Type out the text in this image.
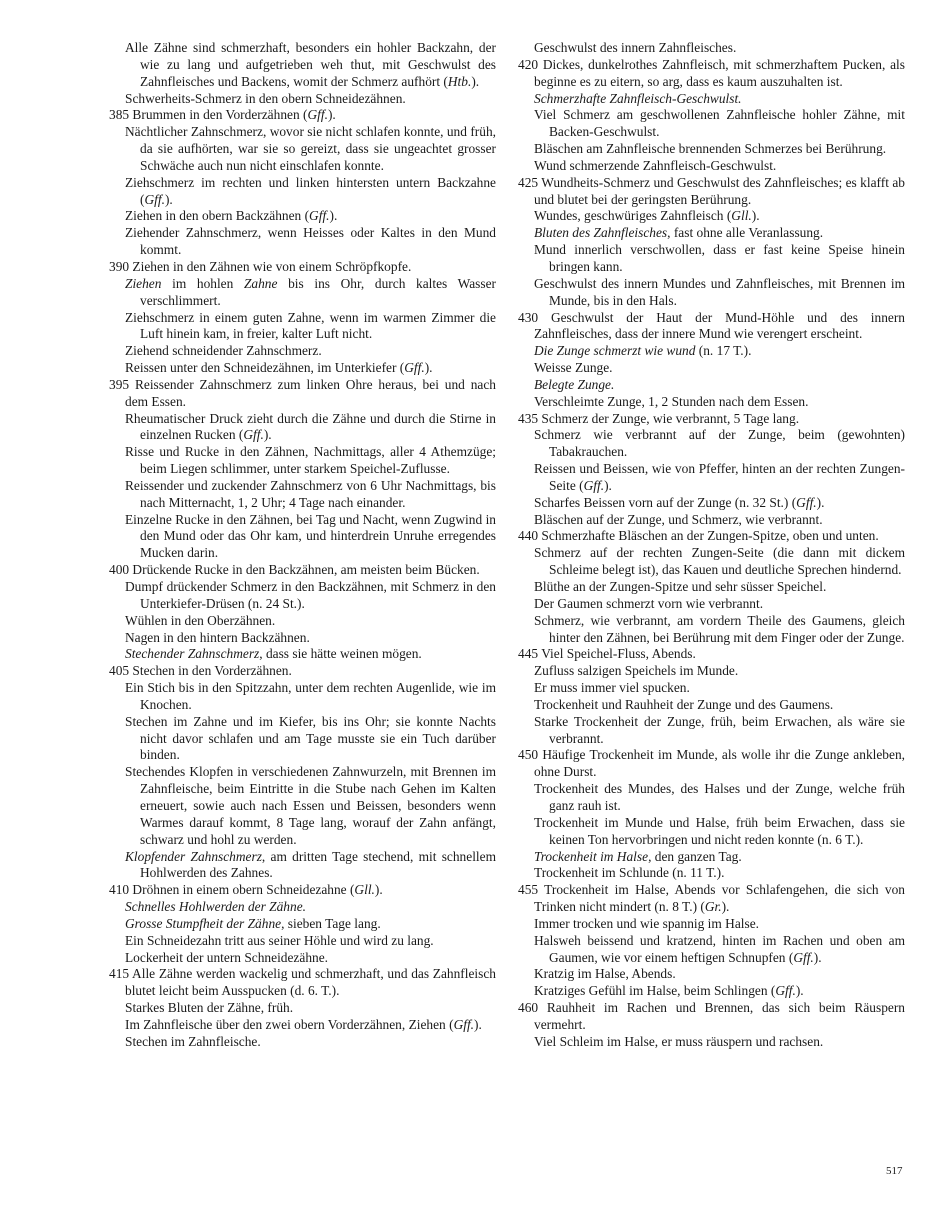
Alle Zähne sind schmerzhaft, besonders ein hohler Backzahn, der wie zu lang und aufgetrieben weh thut, mit Geschwulst des Zahnfleisches und Backens, womit der Schmerz aufhört (Htb.).
Schwerheits-Schmerz in den obern Schneidezähnen.
385 Brummen in den Vorderzähnen (Gff.).
Nächtlicher Zahnschmerz, wovor sie nicht schlafen konnte, und früh, da sie aufhörten, war sie so gereizt, dass sie ungeachtet grosser Schwäche auch nun nicht einschlafen konnte.
Ziehschmerz im rechten und linken hintersten untern Backzahne (Gff.).
Ziehen in den obern Backzähnen (Gff.).
Ziehender Zahnschmerz, wenn Heisses oder Kaltes in den Mund kommt.
390 Ziehen in den Zähnen wie von einem Schröpfkopfe.
Ziehen im hohlen Zahne bis ins Ohr, durch kaltes Wasser verschlimmert.
Ziehschmerz in einem guten Zahne, wenn im warmen Zimmer die Luft hinein kam, in freier, kalter Luft nicht.
Ziehend schneidender Zahnschmerz.
Reissen unter den Schneidezähnen, im Unterkiefer (Gff.).
395 Reissender Zahnschmerz zum linken Ohre heraus, bei und nach dem Essen.
Rheumatischer Druck zieht durch die Zähne und durch die Stirne in einzelnen Rucken (Gff.).
Risse und Rucke in den Zähnen, Nachmittags, aller 4 Athemzüge; beim Liegen schlimmer, unter starkem Speichel-Zuflusse.
Reissender und zuckender Zahnschmerz von 6 Uhr Nachmittags, bis nach Mitternacht, 1, 2 Uhr; 4 Tage nach einander.
Einzelne Rucke in den Zähnen, bei Tag und Nacht, wenn Zugwind in den Mund oder das Ohr kam, und hinterdrein Unruhe erregendes Mucken darin.
400 Drückende Rucke in den Backzähnen, am meisten beim Bücken.
Dumpf drückender Schmerz in den Backzähnen, mit Schmerz in den Unterkiefer-Drüsen (n. 24 St.).
Wühlen in den Oberzähnen.
Nagen in den hintern Backzähnen.
Stechender Zahnschmerz, dass sie hätte weinen mögen.
405 Stechen in den Vorderzähnen.
Ein Stich bis in den Spitzzahn, unter dem rechten Augenlide, wie im Knochen.
Stechen im Zahne und im Kiefer, bis ins Ohr; sie konnte Nachts nicht davor schlafen und am Tage musste sie ein Tuch darüber binden.
Stechendes Klopfen in verschiedenen Zahnwurzeln, mit Brennen im Zahnfleische, beim Eintritte in die Stube nach Gehen im Kalten erneuert, sowie auch nach Essen und Beissen, besonders wenn Warmes darauf kommt, 8 Tage lang, worauf der Zahn anfängt, schwarz und hohl zu werden.
Klopfender Zahnschmerz, am dritten Tage stechend, mit schnellem Hohlwerden des Zahnes.
410 Dröhnen in einem obern Schneidezahne (Gll.).
Schnelles Hohlwerden der Zähne.
Grosse Stumpfheit der Zähne, sieben Tage lang.
Ein Schneidezahn tritt aus seiner Höhle und wird zu lang.
Lockerheit der untern Schneidezähne.
415 Alle Zähne werden wackelig und schmerzhaft, und das Zahnfleisch blutet leicht beim Ausspucken (d. 6. T.).
Starkes Bluten der Zähne, früh.
Im Zahnfleische über den zwei obern Vorderzähnen, Ziehen (Gff.).
Stechen im Zahnfleische.
Geschwulst des innern Zahnfleisches.
420 Dickes, dunkelrothes Zahnfleisch, mit schmerzhaftem Pucken, als beginne es zu eitern, so arg, dass es kaum auszuhalten ist.
Schmerzhafte Zahnfleisch-Geschwulst.
Viel Schmerz am geschwollenen Zahnfleische hohler Zähne, mit Backen-Geschwulst.
Bläschen am Zahnfleische brennenden Schmerzes bei Berührung.
Wund schmerzende Zahnfleisch-Geschwulst.
425 Wundheits-Schmerz und Geschwulst des Zahnfleisches; es klafft ab und blutet bei der geringsten Berührung.
Wundes, geschwüriges Zahnfleisch (Gll.).
Bluten des Zahnfleisches, fast ohne alle Veranlassung.
Mund innerlich verschwollen, dass er fast keine Speise hinein bringen kann.
Geschwulst des innern Mundes und Zahnfleisches, mit Brennen im Munde, bis in den Hals.
430 Geschwulst der Haut der Mund-Höhle und des innern Zahnfleisches, dass der innere Mund wie verengert erscheint.
Die Zunge schmerzt wie wund (n. 17 T.).
Weisse Zunge.
Belegte Zunge.
Verschleimte Zunge, 1, 2 Stunden nach dem Essen.
435 Schmerz der Zunge, wie verbrannt, 5 Tage lang.
Schmerz wie verbrannt auf der Zunge, beim (gewohnten) Tabakrauchen.
Reissen und Beissen, wie von Pfeffer, hinten an der rechten Zungen-Seite (Gff.).
Scharfes Beissen vorn auf der Zunge (n. 32 St.) (Gff.).
Bläschen auf der Zunge, und Schmerz, wie verbrannt.
440 Schmerzhafte Bläschen an der Zungen-Spitze, oben und unten.
Schmerz auf der rechten Zungen-Seite (die dann mit dickem Schleime belegt ist), das Kauen und deutliche Sprechen hindernd.
Blüthe an der Zungen-Spitze und sehr süsser Speichel.
Der Gaumen schmerzt vorn wie verbrannt.
Schmerz, wie verbrannt, am vordern Theile des Gaumens, gleich hinter den Zähnen, bei Berührung mit dem Finger oder der Zunge.
445 Viel Speichel-Fluss, Abends.
Zufluss salzigen Speichels im Munde.
Er muss immer viel spucken.
Trockenheit und Rauhheit der Zunge und des Gaumens.
Starke Trockenheit der Zunge, früh, beim Erwachen, als wäre sie verbrannt.
450 Häufige Trockenheit im Munde, als wolle ihr die Zunge ankleben, ohne Durst.
Trockenheit des Mundes, des Halses und der Zunge, welche früh ganz rauh ist.
Trockenheit im Munde und Halse, früh beim Erwachen, dass sie keinen Ton hervorbringen und nicht reden konnte (n. 6 T.).
Trockenheit im Halse, den ganzen Tag.
Trockenheit im Schlunde (n. 11 T.).
455 Trockenheit im Halse, Abends vor Schlafengehen, die sich von Trinken nicht mindert (n. 8 T.) (Gr.).
Immer trocken und wie spannig im Halse.
Halsweh beissend und kratzend, hinten im Rachen und oben am Gaumen, wie vor einem heftigen Schnupfen (Gff.).
Kratzig im Halse, Abends.
Kratziges Gefühl im Halse, beim Schlingen (Gff.).
460 Rauhheit im Rachen und Brennen, das sich beim Räuspern vermehrt.
Viel Schleim im Halse, er muss räuspern und rachsen.
517
